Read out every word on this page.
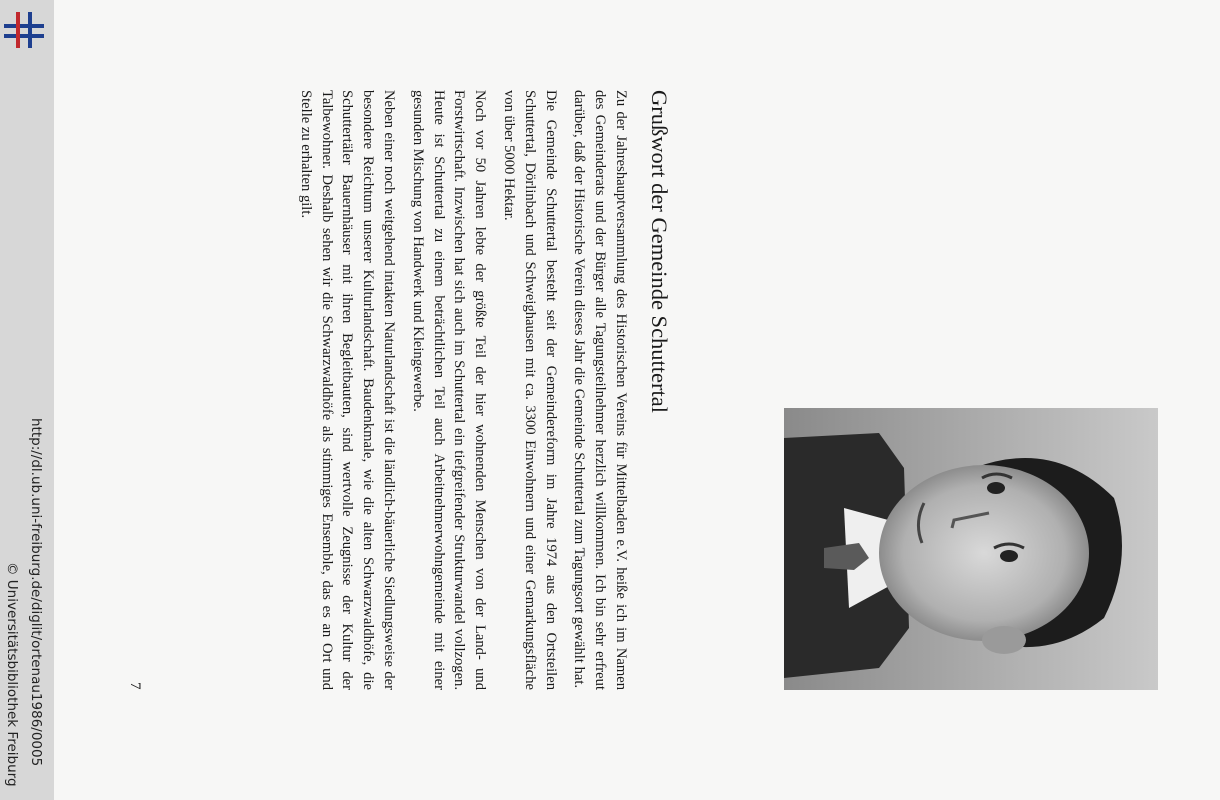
http://dl.ub.uni-freiburg.de/diglit/ortenau1986/0005
© Universitätsbibliothek Freiburg
Grußwort der Gemeinde Schuttertal

Zu der Jahreshauptversammlung des Historischen Vereins für Mittelbaden e.V. heiße ich im Namen des Gemeinderats und der Bürger alle Tagungsteilnehmer herzlich willkommen. Ich bin sehr erfreut darüber, daß der Historische Verein dieses Jahr die Gemeinde Schuttertal zum Tagungsort gewählt hat.

Die Gemeinde Schuttertal besteht seit der Gemeindereform im Jahre 1974 aus den Ortsteilen Schuttertal, Dörlinbach und Schweighausen mit ca. 3300 Einwohnern und einer Gemarkungsfläche von über 5000 Hektar.

Noch vor 50 Jahren lebte der größte Teil der hier wohnenden Menschen von der Land- und Forstwirtschaft. Inzwischen hat sich auch im Schuttertal ein tiefgreifender Strukturwandel vollzogen. Heute ist Schuttertal zu einem beträchtlichen Teil auch Arbeitnehmerwohngemeinde mit einer gesunden Mischung von Handwerk und Kleingewerbe.

Neben einer noch weitgehend intakten Naturlandschaft ist die ländlich-bäuerliche Siedlungsweise der besondere Reichtum unserer Kulturlandschaft. Baudenkmale, wie die alten Schwarzwaldhöfe, die Schuttertäler Bauernhäuser mit ihren Begleitbauten, sind wertvolle Zeugnisse der Kultur der Talbewohner. Deshalb sehen wir die Schwarzwaldhöfe als stimmiges Ensemble, das es an Ort und Stelle zu erhalten gilt.

7
